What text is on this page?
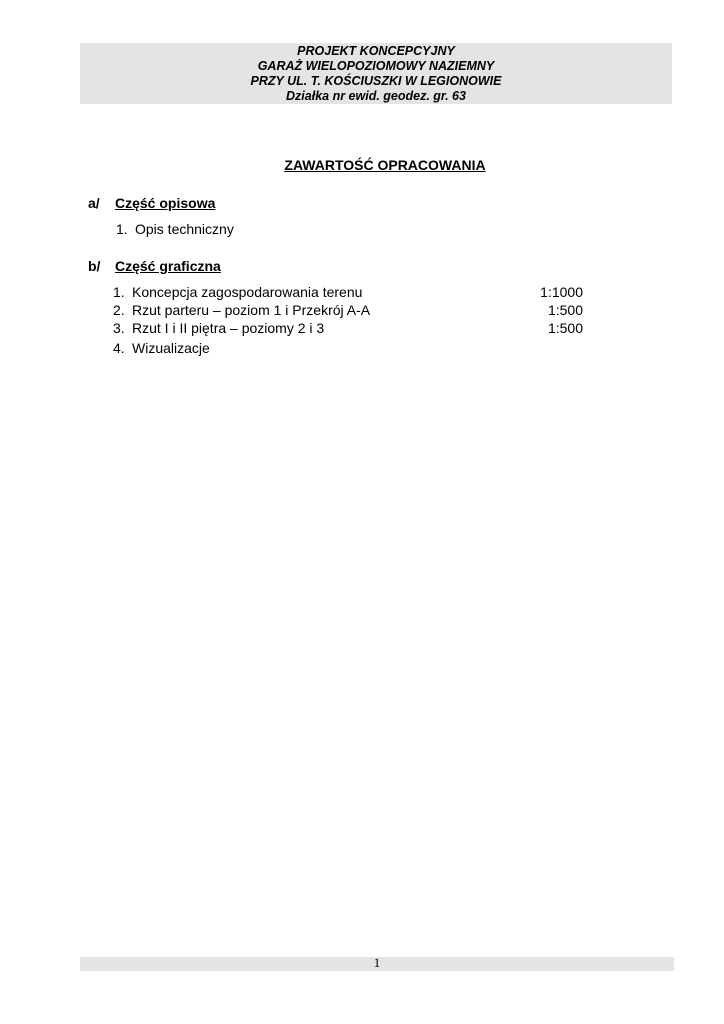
PROJEKT KONCEPCYJNY
GARAŻ WIELOPOZIOMOWY NAZIEMNY
PRZY UL. T. KOŚCIUSZKI W LEGIONOWIE
Działka nr ewid. geodez. gr. 63
ZAWARTOŚĆ OPRACOWANIA
a/ Część opisowa
1. Opis techniczny
b/ Część graficzna
1. Koncepcja zagospodarowania terenu	1:1000
2. Rzut parteru – poziom 1 i Przekrój A-A	1:500
3. Rzut I i II piętra – poziomy 2 i 3	1:500
4. Wizualizacje
1
